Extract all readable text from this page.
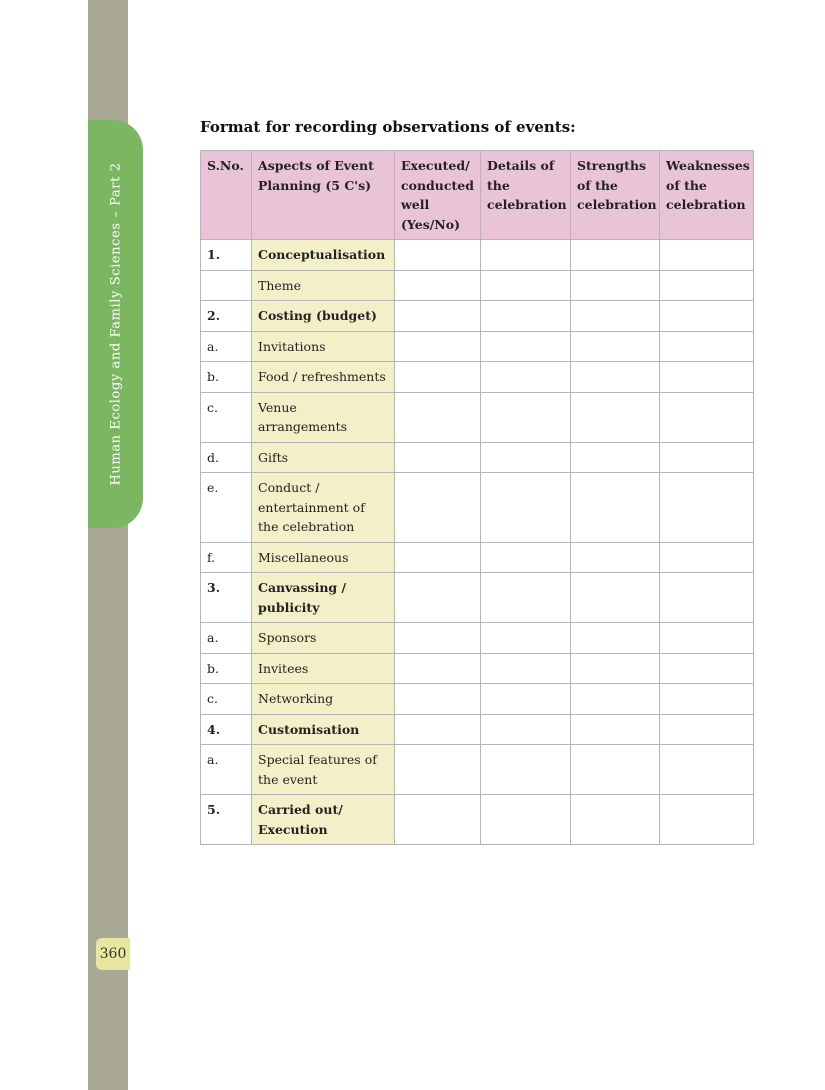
Human Ecology and Family Sciences – Part 2
360
Format for recording observations of events:
S.No.	Aspects of Event Planning (5 C's)	Executed/ conducted well (Yes/No)	Details of the celebration	Strengths of the celebration	Weaknesses of the celebration
1.	Conceptualisation				
	Theme				
2.	Costing (budget)				
a.	Invitations				
b.	Food / refreshments				
c.	Venue arrangements				
d.	Gifts				
e.	Conduct / entertainment of the celebration				
f.	Miscellaneous				
3.	Canvassing / publicity				
a.	Sponsors				
b.	Invitees				
c.	Networking				
4.	Customisation				
a.	Special features of the event				
5.	Carried out/ Execution				
